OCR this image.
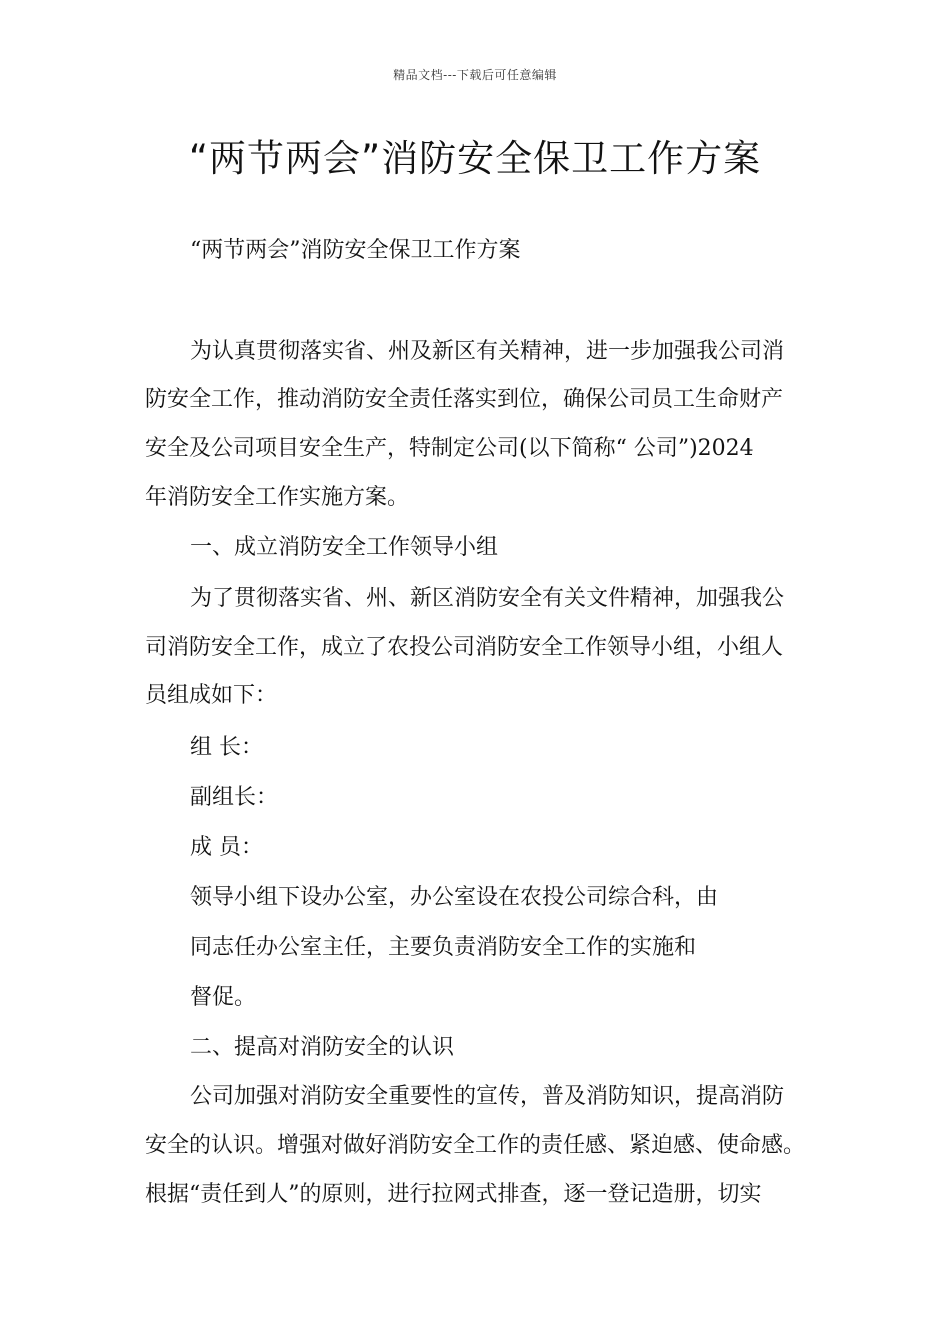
精品文档---下载后可任意编辑
“两节两会”消防安全保卫工作方案
“两节两会”消防安全保卫工作方案
为认真贯彻落实省、州及新区有关精神，进一步加强我公司消
防安全工作，推动消防安全责任落实到位，确保公司员工生命财产
安全及公司项目安全生产，特制定公司(以下简称“ 公司”)2024
年消防安全工作实施方案。
一、成立消防安全工作领导小组
为了贯彻落实省、州、新区消防安全有关文件精神，加强我公
司消防安全工作，成立了农投公司消防安全工作领导小组，小组人
员组成如下：
组 长：
副组长：
成 员：
领导小组下设办公室，办公室设在农投公司综合科，由
同志任办公室主任，主要负责消防安全工作的实施和
督促。
二、提高对消防安全的认识
公司加强对消防安全重要性的宣传，普及消防知识，提高消防
安全的认识。增强对做好消防安全工作的责任感、紧迫感、使命感。
根据“责任到人”的原则，进行拉网式排查，逐一登记造册，切实
